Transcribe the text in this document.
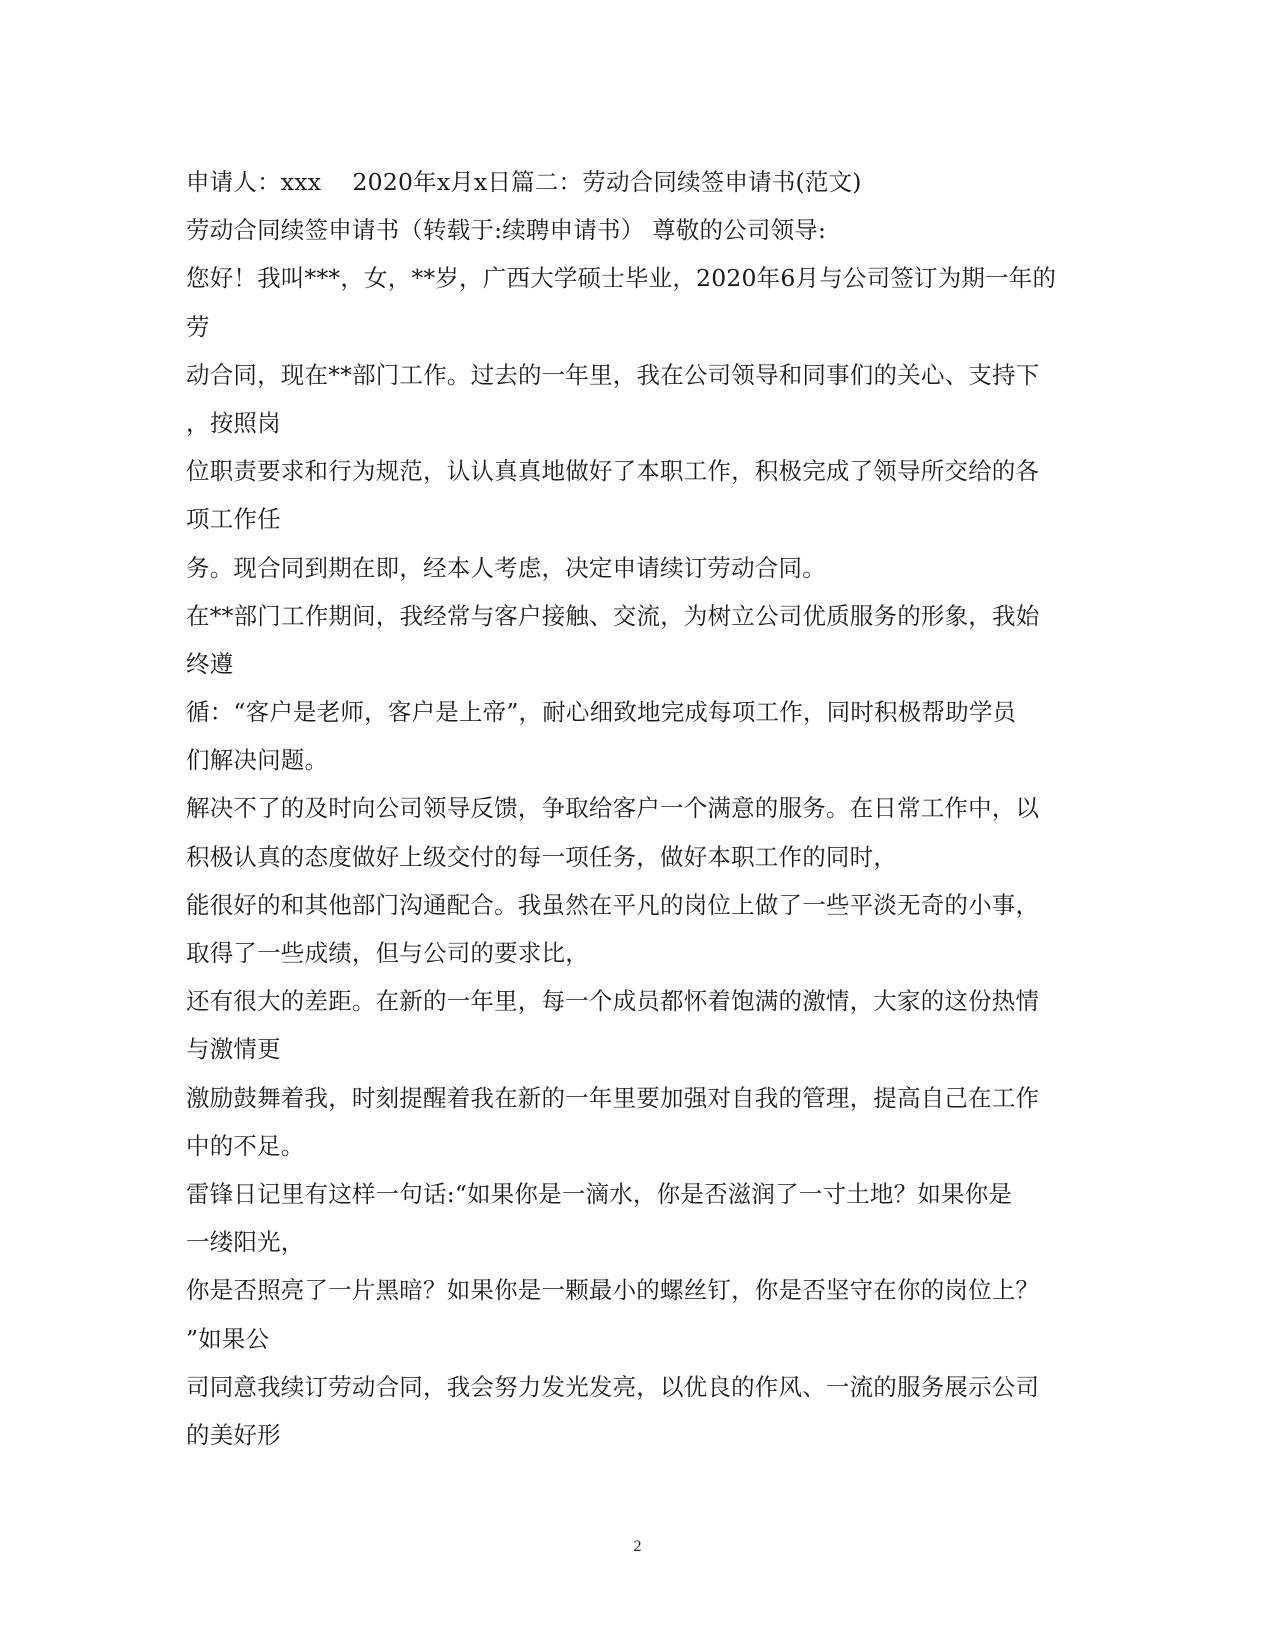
申请人：xxx　 2020年x月x日篇二：劳动合同续签申请书(范文)
劳动合同续签申请书（转载于:续聘申请书） 尊敬的公司领导:
您好！我叫***，女，**岁，广西大学硕士毕业，2020年6月与公司签订为期一年的
劳
动合同，现在**部门工作。过去的一年里，我在公司领导和同事们的关心、支持下
，按照岗
位职责要求和行为规范，认认真真地做好了本职工作，积极完成了领导所交给的各
项工作任
务。现合同到期在即，经本人考虑，决定申请续订劳动合同。
在**部门工作期间，我经常与客户接触、交流，为树立公司优质服务的形象，我始
终遵
循：“客户是老师，客户是上帝”，耐心细致地完成每项工作，同时积极帮助学员
们解决问题。
解决不了的及时向公司领导反馈，争取给客户一个满意的服务。在日常工作中，以
积极认真的态度做好上级交付的每一项任务，做好本职工作的同时，
能很好的和其他部门沟通配合。我虽然在平凡的岗位上做了一些平淡无奇的小事，
取得了一些成绩，但与公司的要求比，
还有很大的差距。在新的一年里，每一个成员都怀着饱满的激情，大家的这份热情
与激情更
激励鼓舞着我，时刻提醒着我在新的一年里要加强对自我的管理，提高自己在工作
中的不足。
雷锋日记里有这样一句话:“如果你是一滴水，你是否滋润了一寸土地？如果你是
一缕阳光，
你是否照亮了一片黑暗？如果你是一颗最小的螺丝钉，你是否坚守在你的岗位上？
”如果公
司同意我续订劳动合同，我会努力发光发亮，以优良的作风、一流的服务展示公司
的美好形
2
